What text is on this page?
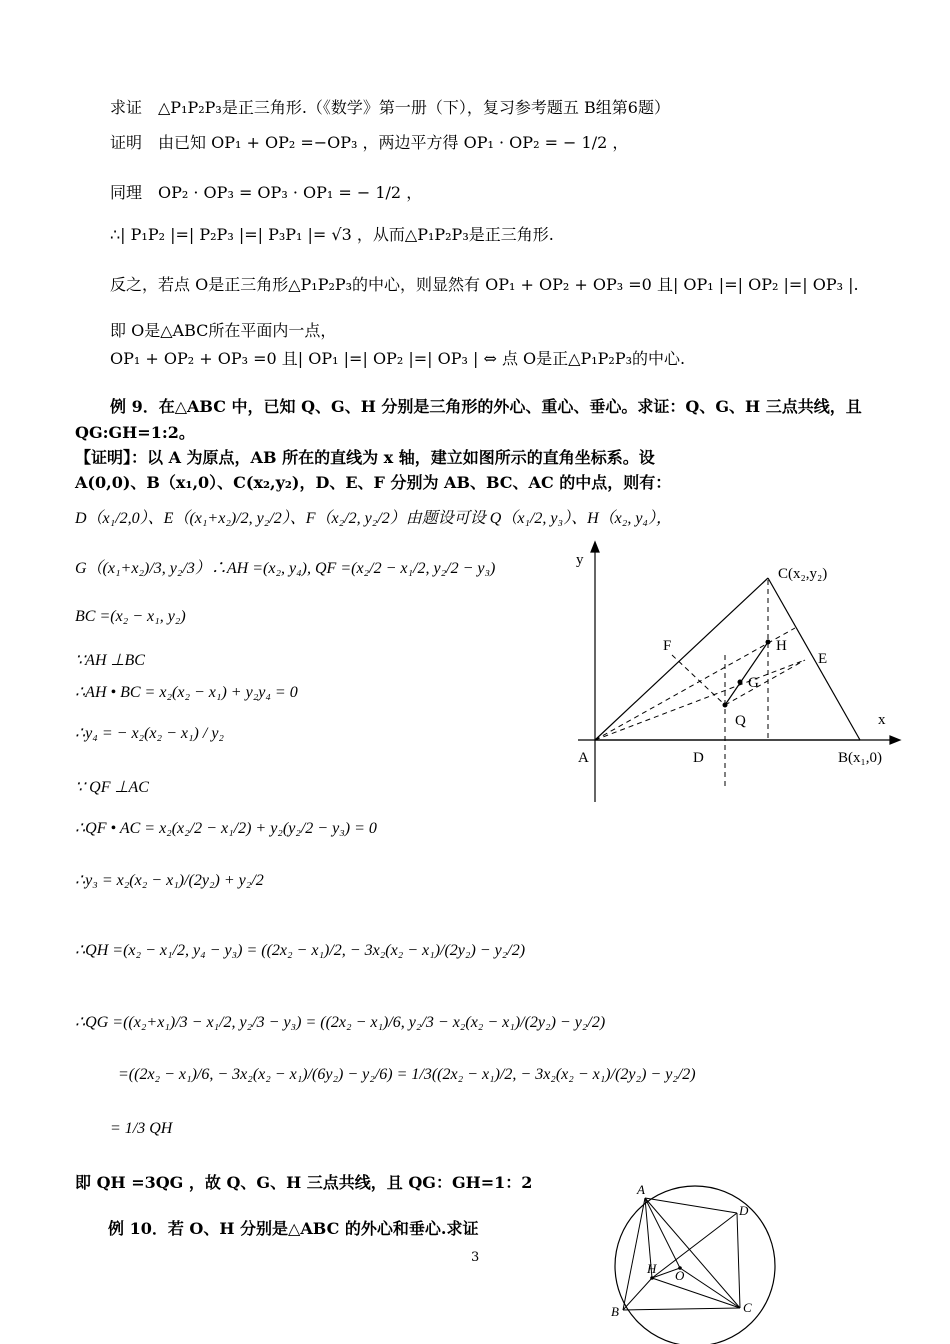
求证　△P₁P₂P₃是正三角形.（《数学》第一册（下），复习参考题五 B组第6题）
证明　由已知 OP₁ + OP₂ =−OP₃ ，两边平方得 OP₁ · OP₂ = − 1/2 ，
同理　OP₂ · OP₃ = OP₃ · OP₁ = − 1/2 ，
∴| P₁P₂ |=| P₂P₃ |=| P₃P₁ |= √3 ，从而△P₁P₂P₃是正三角形.
反之，若点 O是正三角形△P₁P₂P₃的中心，则显然有 OP₁ + OP₂ + OP₃ =0 且| OP₁ |=| OP₂ |=| OP₃ |.
即 O是△ABC所在平面内一点，
OP₁ + OP₂ + OP₃ =0 且| OP₁ |=| OP₂ |=| OP₃ | ⇔ 点 O是正△P₁P₂P₃的中心.
例 9．在△ABC 中，已知 Q、G、H 分别是三角形的外心、重心、垂心。求证：Q、G、H 三点共线，且
QG:GH=1:2。
【证明】：以 A 为原点，AB 所在的直线为 x 轴，建立如图所示的直角坐标系。设
A(0,0)、B（x₁,0）、C(x₂,y₂)，D、E、F 分别为 AB、BC、AC 的中点，则有：
D（x₁/2,0）、E（(x₁+x₂)/2, y₂/2）、F（x₂/2, y₂/2）由题设可设 Q（x₁/2, y₃）、H（x₂, y₄），
G（(x₁+x₂)/3, y₂/3）∴AH =(x₂, y₄), QF =(x₂/2 − x₁/2, y₂/2 − y₃)
BC =(x₂ − x₁, y₂)
∵AH ⊥BC
∴AH • BC = x₂(x₂ − x₁) + y₂y₄ = 0
∴y₄ = − x₂(x₂ − x₁) / y₂
∵ QF ⊥AC
∴QF • AC = x₂(x₂/2 − x₁/2) + y₂(y₂/2 − y₃) = 0
∴y₃ = x₂(x₂ − x₁)/(2y₂) + y₂/2
∴QH =(x₂ − x₁/2, y₄ − y₃) = ((2x₂ − x₁)/2, − 3x₂(x₂ − x₁)/(2y₂) − y₂/2)
∴QG =((x₂+x₁)/3 − x₁/2, y₂/3 − y₃) = ((2x₂ − x₁)/6, y₂/3 − x₂(x₂ − x₁)/(2y₂) − y₂/2)
=((2x₂ − x₁)/6, − 3x₂(x₂ − x₁)/(6y₂) − y₂/6) = 1/3((2x₂ − x₁)/2, − 3x₂(x₂ − x₁)/(2y₂) − y₂/2)
= 1/3 QH
即 QH =3QG ，故 Q、G、H 三点共线，且 QG：GH=1：2
例 10．若 O、H 分别是△ABC 的外心和垂心.求证
3
y
x
A	B(x₁,0)
C(x₂,y₂)
D
E
F
G
H
Q
A
B	C
D
H O
